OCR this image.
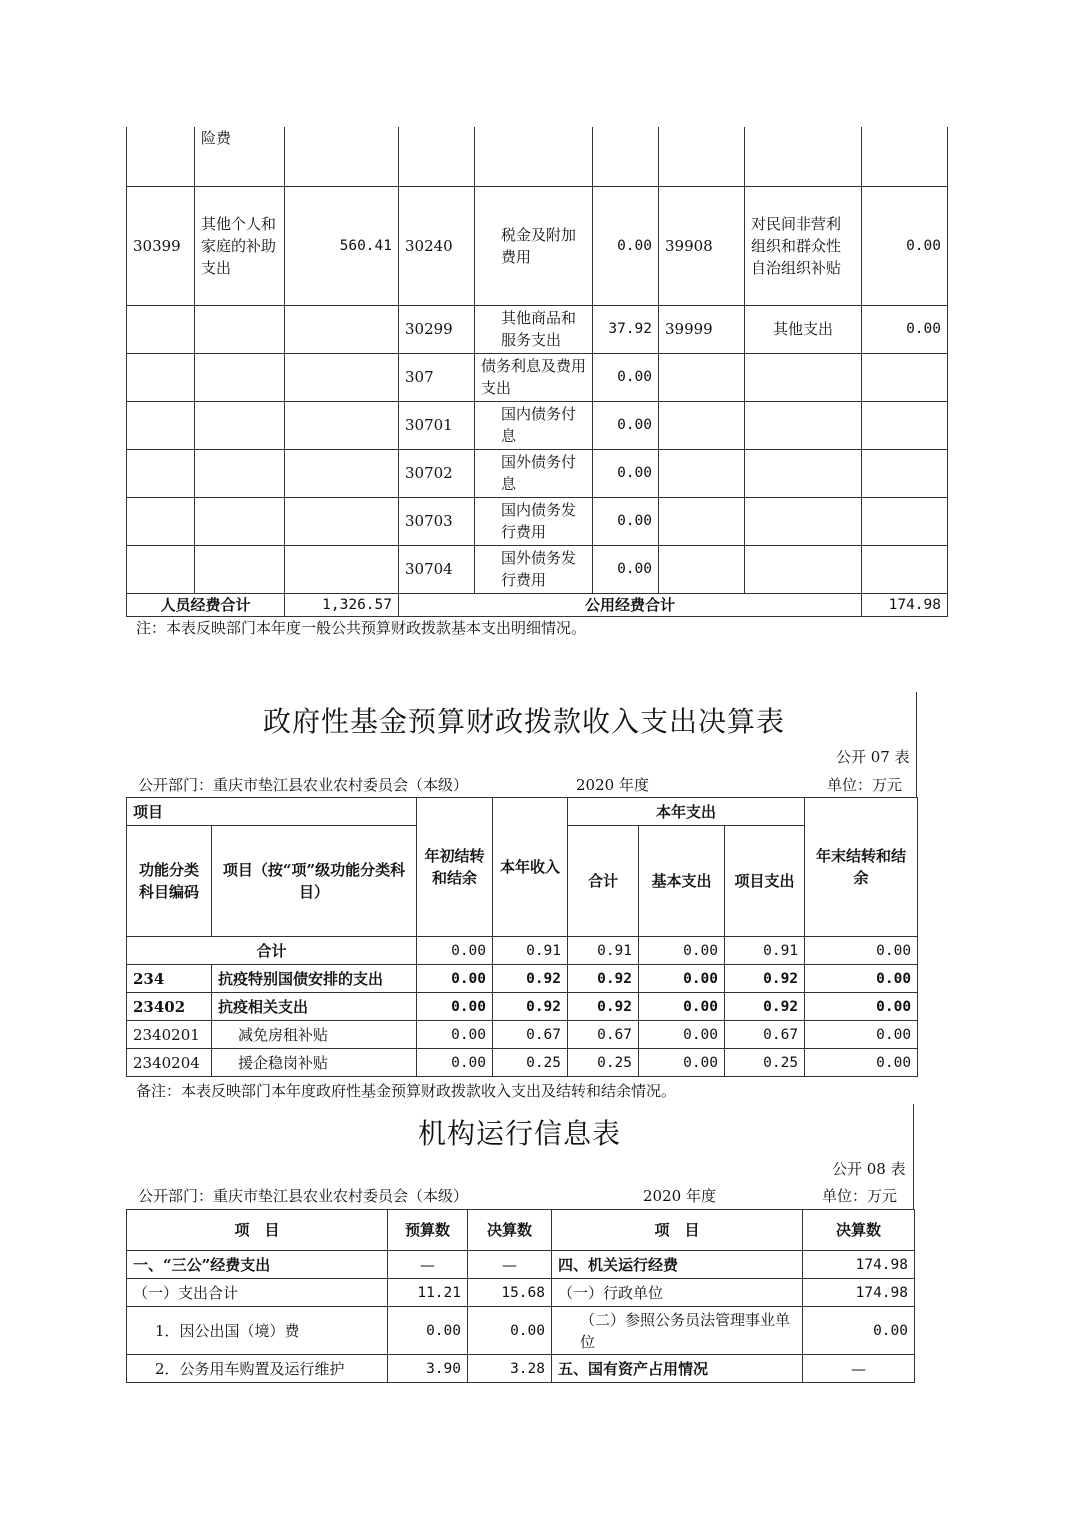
	险费							
30399	其他个人和家庭的补助支出	560.41	30240	税金及附加费用	0.00	39908	对民间非营利组织和群众性自治组织补贴	0.00
			30299	其他商品和服务支出	37.92	39999	其他支出	0.00
			307	债务利息及费用支出	0.00			
			30701	国内债务付息	0.00			
			30702	国外债务付息	0.00			
			30703	国内债务发行费用	0.00			
			30704	国外债务发行费用	0.00			
人员经费合计		1,326.57	公用经费合计					174.98
注：本表反映部门本年度一般公共预算财政拨款基本支出明细情况。
政府性基金预算财政拨款收入支出决算表
公开 07 表
公开部门：重庆市垫江县农业农村委员会（本级）	2020 年度	单位：万元
项目		年初结转和结余	本年收入	本年支出			年末结转和结余
功能分类科目编码	项目（按“项”级功能分类科目）			合计	基本支出	项目支出	
合计		0.00	0.91	0.91	0.00	0.91	0.00
234	抗疫特别国债安排的支出	0.00	0.92	0.92	0.00	0.92	0.00
23402	抗疫相关支出	0.00	0.92	0.92	0.00	0.92	0.00
2340201	减免房租补贴	0.00	0.67	0.67	0.00	0.67	0.00
2340204	援企稳岗补贴	0.00	0.25	0.25	0.00	0.25	0.00
备注：本表反映部门本年度政府性基金预算财政拨款收入支出及结转和结余情况。
机构运行信息表
公开 08 表
公开部门：重庆市垫江县农业农村委员会（本级）	2020 年度	单位：万元
项　目	预算数	决算数	项　目	决算数
一、“三公”经费支出	—	—	四、机关运行经费	174.98
（一）支出合计	11.21	15.68	（一）行政单位	174.98
1．因公出国（境）费	0.00	0.00	（二）参照公务员法管理事业单位	0.00
2．公务用车购置及运行维护	3.90	3.28	五、国有资产占用情况	—
